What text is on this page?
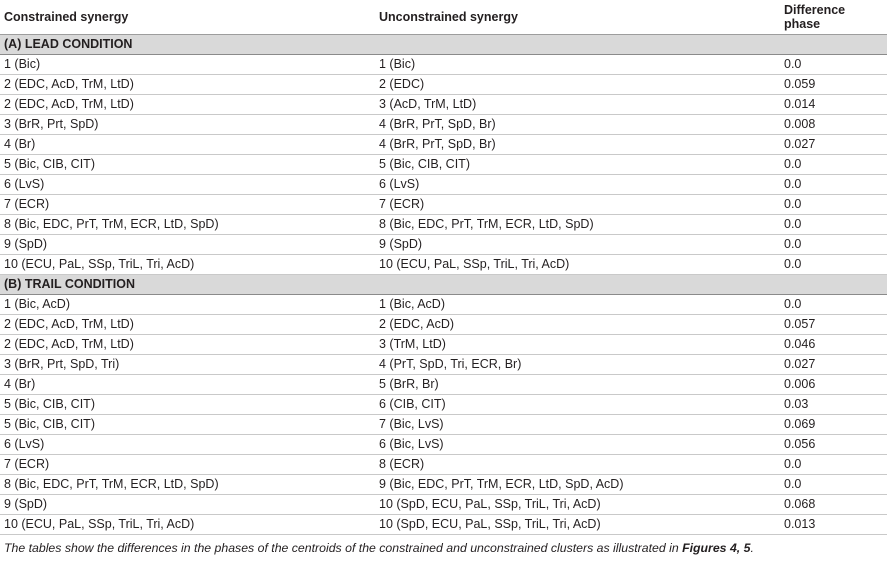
Constrained synergy	Unconstrained synergy	Difference phase
(A) LEAD CONDITION		
1 (Bic)	1 (Bic)	0.0
2 (EDC, AcD, TrM, LtD)	2 (EDC)	0.059
2 (EDC, AcD, TrM, LtD)	3 (AcD, TrM, LtD)	0.014
3 (BrR, Prt, SpD)	4 (BrR, PrT, SpD, Br)	0.008
4 (Br)	4 (BrR, PrT, SpD, Br)	0.027
5 (Bic, CIB, CIT)	5 (Bic, CIB, CIT)	0.0
6 (LvS)	6 (LvS)	0.0
7 (ECR)	7 (ECR)	0.0
8 (Bic, EDC, PrT, TrM, ECR, LtD, SpD)	8 (Bic, EDC, PrT, TrM, ECR, LtD, SpD)	0.0
9 (SpD)	9 (SpD)	0.0
10 (ECU, PaL, SSp, TriL, Tri, AcD)	10 (ECU, PaL, SSp, TriL, Tri, AcD)	0.0
(B) TRAIL CONDITION		
1 (Bic, AcD)	1 (Bic, AcD)	0.0
2 (EDC, AcD, TrM, LtD)	2 (EDC, AcD)	0.057
2 (EDC, AcD, TrM, LtD)	3 (TrM, LtD)	0.046
3 (BrR, Prt, SpD, Tri)	4 (PrT, SpD, Tri, ECR, Br)	0.027
4 (Br)	5 (BrR, Br)	0.006
5 (Bic, CIB, CIT)	6 (CIB, CIT)	0.03
5 (Bic, CIB, CIT)	7 (Bic, LvS)	0.069
6 (LvS)	6 (Bic, LvS)	0.056
7 (ECR)	8 (ECR)	0.0
8 (Bic, EDC, PrT, TrM, ECR, LtD, SpD)	9 (Bic, EDC, PrT, TrM, ECR, LtD, SpD, AcD)	0.0
9 (SpD)	10 (SpD, ECU, PaL, SSp, TriL, Tri, AcD)	0.068
10 (ECU, PaL, SSp, TriL, Tri, AcD)	10 (SpD, ECU, PaL, SSp, TriL, Tri, AcD)	0.013
The tables show the differences in the phases of the centroids of the constrained and unconstrained clusters as illustrated in Figures 4, 5.
